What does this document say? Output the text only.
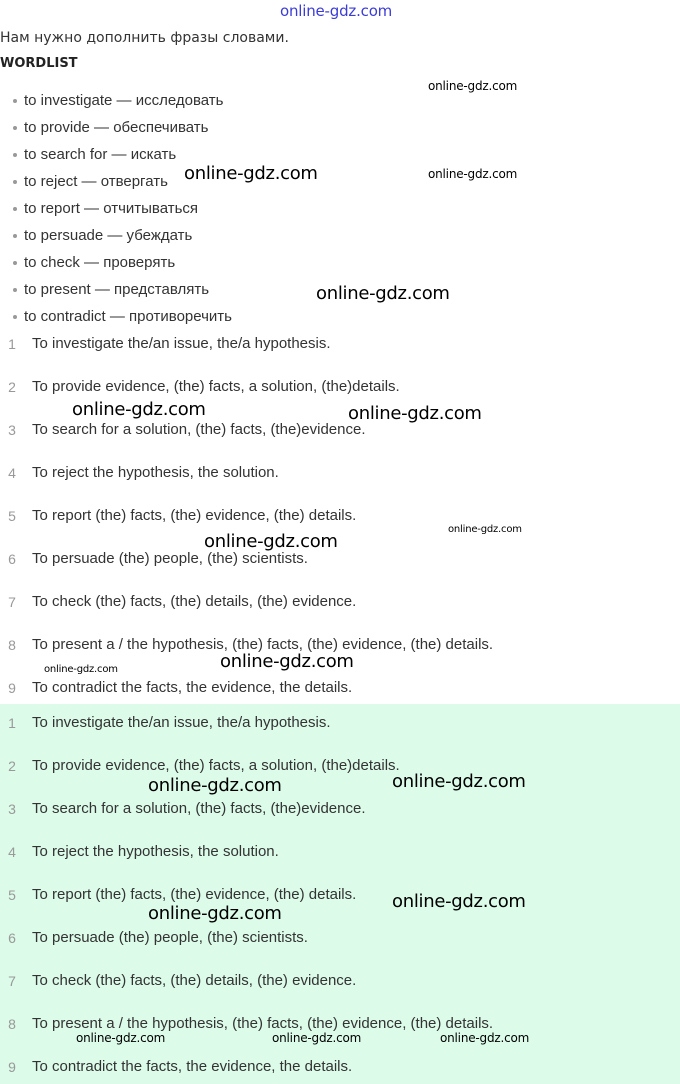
online-gdz.com
Нам нужно дополнить фразы словами.
WORDLIST
to investigate — исследовать
to provide — обеспечивать
to search for — искать
to reject — отвергать
to report — отчитываться
to persuade — убеждать
to check — проверять
to present — представлять
to contradict — противоречить
1 To investigate the/an issue, the/a hypothesis.
2 To provide evidence, (the) facts, a solution, (the)details.
3 To search for a solution, (the) facts, (the)evidence.
4 To reject the hypothesis, the solution.
5 To report (the) facts, (the) evidence, (the) details.
6 To persuade (the) people, (the) scientists.
7 To check (the) facts, (the) details, (the) evidence.
8 To present a / the hypothesis, (the) facts, (the) evidence, (the) details.
9 To contradict the facts, the evidence, the details.
1 To investigate the/an issue, the/a hypothesis.
2 To provide evidence, (the) facts, a solution, (the)details.
3 To search for a solution, (the) facts, (the)evidence.
4 To reject the hypothesis, the solution.
5 To report (the) facts, (the) evidence, (the) details.
6 To persuade (the) people, (the) scientists.
7 To check (the) facts, (the) details, (the) evidence.
8 To present a / the hypothesis, (the) facts, (the) evidence, (the) details.
9 To contradict the facts, the evidence, the details.
online-gdz.com
online-gdz.com	online-gdz.com
online-gdz.com
online-gdz.com	online-gdz.com
online-gdz.com
online-gdz.com
online-gdz.com	online-gdz.com
online-gdz.com	online-gdz.com
online-gdz.com
online-gdz.com
online-gdz.com	online-gdz.com	online-gdz.com
